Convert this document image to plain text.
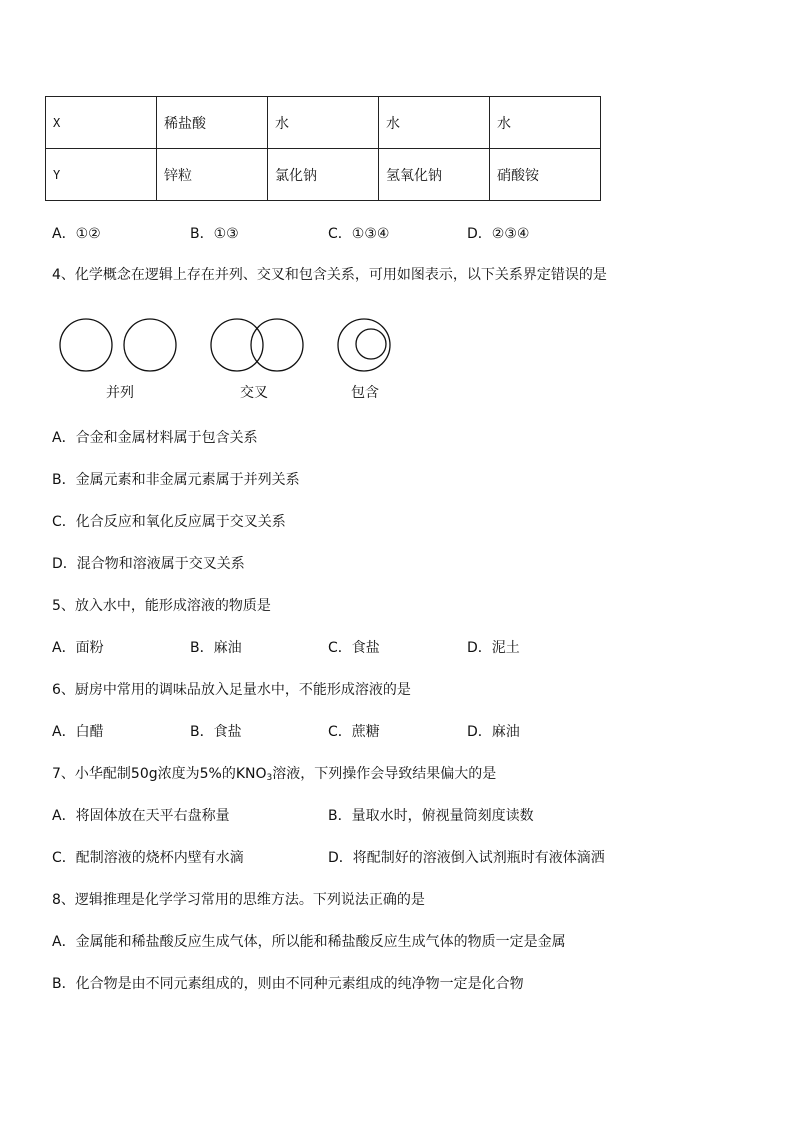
X	稀盐酸	水	水	水
Y	锌粒	氯化钠	氢氧化钠	硝酸铵
A．①②	B．①③	C．①③④	D．②③④
4、化学概念在逻辑上存在并列、交叉和包含关系，可用如图表示，以下关系界定错误的是
并列	交叉	包含
A．合金和金属材料属于包含关系
B．金属元素和非金属元素属于并列关系
C．化合反应和氧化反应属于交叉关系
D．混合物和溶液属于交叉关系
5、放入水中，能形成溶液的物质是
A．面粉	B．麻油	C．食盐	D．泥土
6、厨房中常用的调味品放入足量水中，不能形成溶液的是
A．白醋	B．食盐	C．蔗糖	D．麻油
7、小华配制50g浓度为5%的$KNO_3$溶液，下列操作会导致结果偏大的是
A．将固体放在天平右盘称量	B．量取水时，俯视量筒刻度读数
C．配制溶液的烧杯内壁有水滴	D．将配制好的溶液倒入试剂瓶时有液体滴洒
8、逻辑推理是化学学习常用的思维方法。下列说法正确的是
A．金属能和稀盐酸反应生成气体，所以能和稀盐酸反应生成气体的物质一定是金属
B．化合物是由不同元素组成的，则由不同种元素组成的纯净物一定是化合物
